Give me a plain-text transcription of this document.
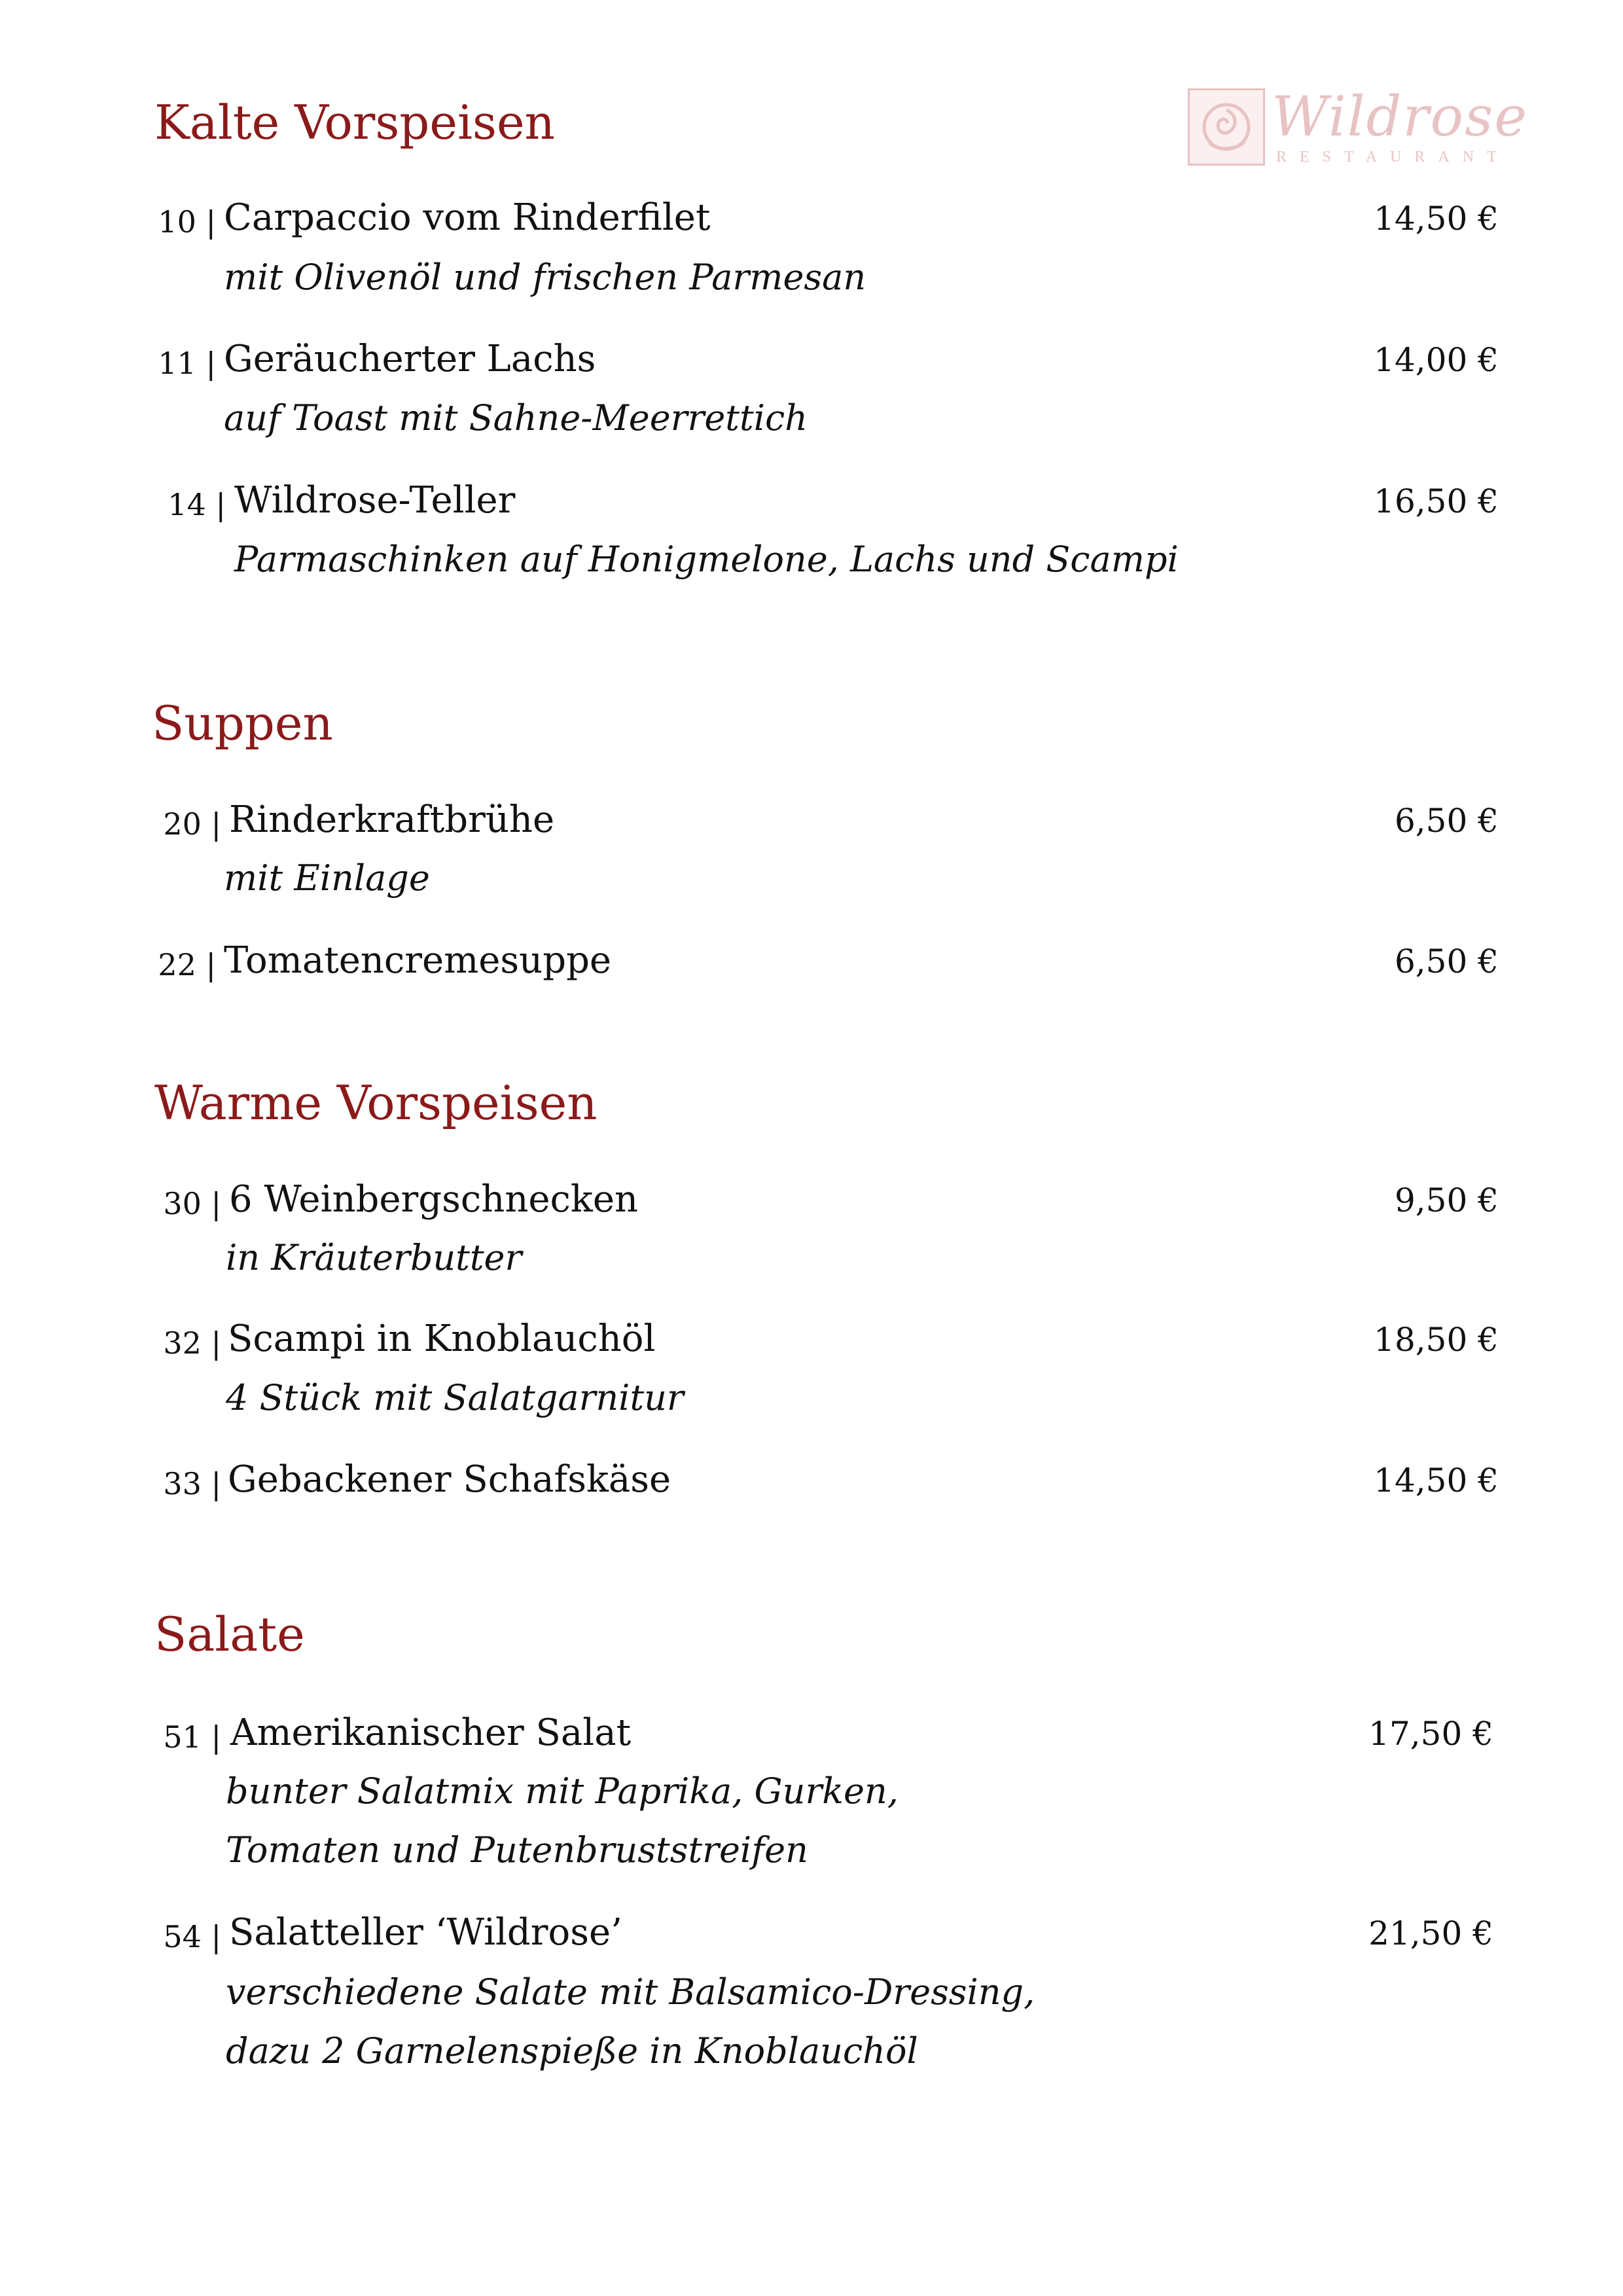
Wildrose
RESTAURANT
Kalte Vorspeisen
10 | Carpaccio vom Rinderfilet	14,50 €
mit Olivenöl und frischen Parmesan
11 | Geräucherter Lachs	14,00 €
auf Toast mit Sahne-Meerrettich
14 | Wildrose-Teller	16,50 €
Parmaschinken auf Honigmelone, Lachs und Scampi
Suppen
20 | Rinderkraftbrühe	6,50 €
mit Einlage
22 | Tomatencremesuppe	6,50 €
Warme Vorspeisen
30 | 6 Weinbergschnecken	9,50 €
in Kräuterbutter
32 | Scampi in Knoblauchöl	18,50 €
4 Stück mit Salatgarnitur
33 | Gebackener Schafskäse	14,50 €
Salate
51 | Amerikanischer Salat	17,50 €
bunter Salatmix mit Paprika, Gurken,
Tomaten und Putenbruststreifen
54 | Salatteller ‘Wildrose’	21,50 €
verschiedene Salate mit Balsamico-Dressing,
dazu 2 Garnelenspieße in Knoblauchöl
